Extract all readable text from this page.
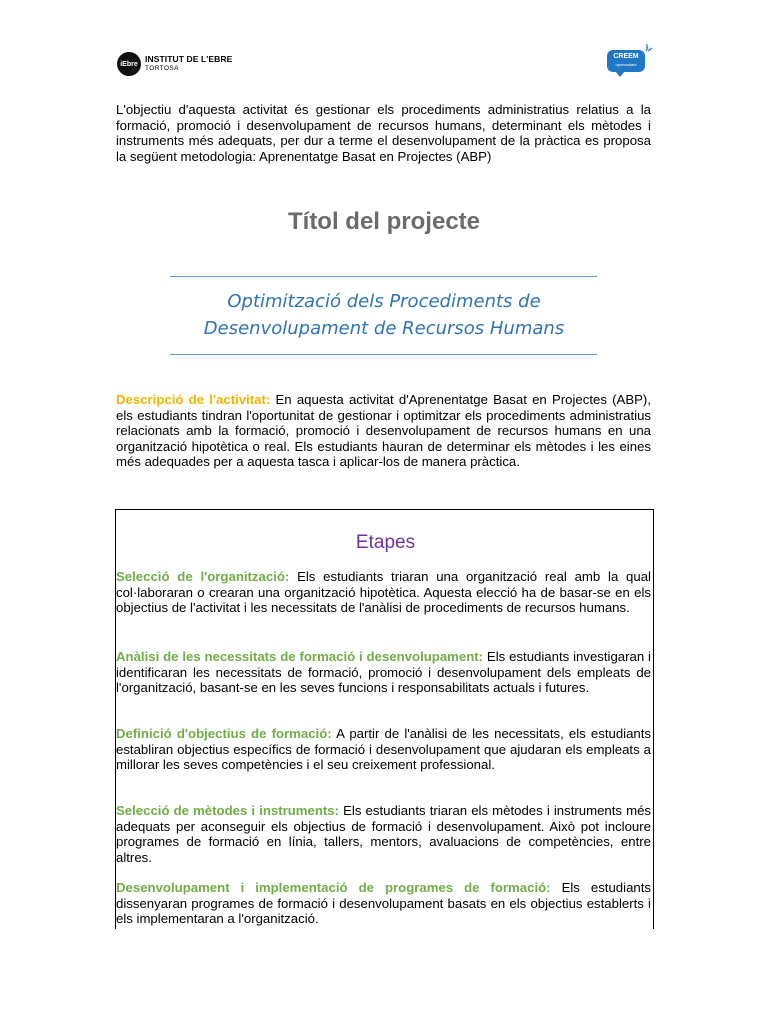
iEbre INSTITUT DE L'EBRE
TORTOSA
CREEM
oportunitats

L'objectiu d'aquesta activitat és gestionar els procediments administratius relatius a la formació, promoció i desenvolupament de recursos humans, determinant els mètodes i instruments més adequats, per dur a terme el desenvolupament de la pràctica es proposa la següent metodologia: Aprenentatge Basat en Projectes (ABP)

Títol del projecte
Optimització dels Procediments de
Desenvolupament de Recursos Humans

Descripció de l'activitat: En aquesta activitat d'Aprenentatge Basat en Projectes (ABP), els estudiants tindran l'oportunitat de gestionar i optimitzar els procediments administratius relacionats amb la formació, promoció i desenvolupament de recursos humans en una organització hipotètica o real. Els estudiants hauran de determinar els mètodes i les eines més adequades per a aquesta tasca i aplicar-los de manera pràctica.

Etapes

Selecció de l'organització: Els estudiants triaran una organització real amb la qual col·laboraran o crearan una organització hipotètica. Aquesta elecció ha de basar-se en els objectius de l'activitat i les necessitats de l'anàlisi de procediments de recursos humans.

Anàlisi de les necessitats de formació i desenvolupament: Els estudiants investigaran i identificaran les necessitats de formació, promoció i desenvolupament dels empleats de l'organització, basant-se en les seves funcions i responsabilitats actuals i futures.

Definició d'objectius de formació: A partir de l'anàlisi de les necessitats, els estudiants establiran objectius específics de formació i desenvolupament que ajudaran els empleats a millorar les seves competències i el seu creixement professional.

Selecció de mètodes i instruments: Els estudiants triaran els mètodes i instruments més adequats per aconseguir els objectius de formació i desenvolupament. Això pot incloure programes de formació en línia, tallers, mentors, avaluacions de competències, entre altres.

Desenvolupament i implementació de programes de formació: Els estudiants dissenyaran programes de formació i desenvolupament basats en els objectius establerts i els implementaran a l'organització.
